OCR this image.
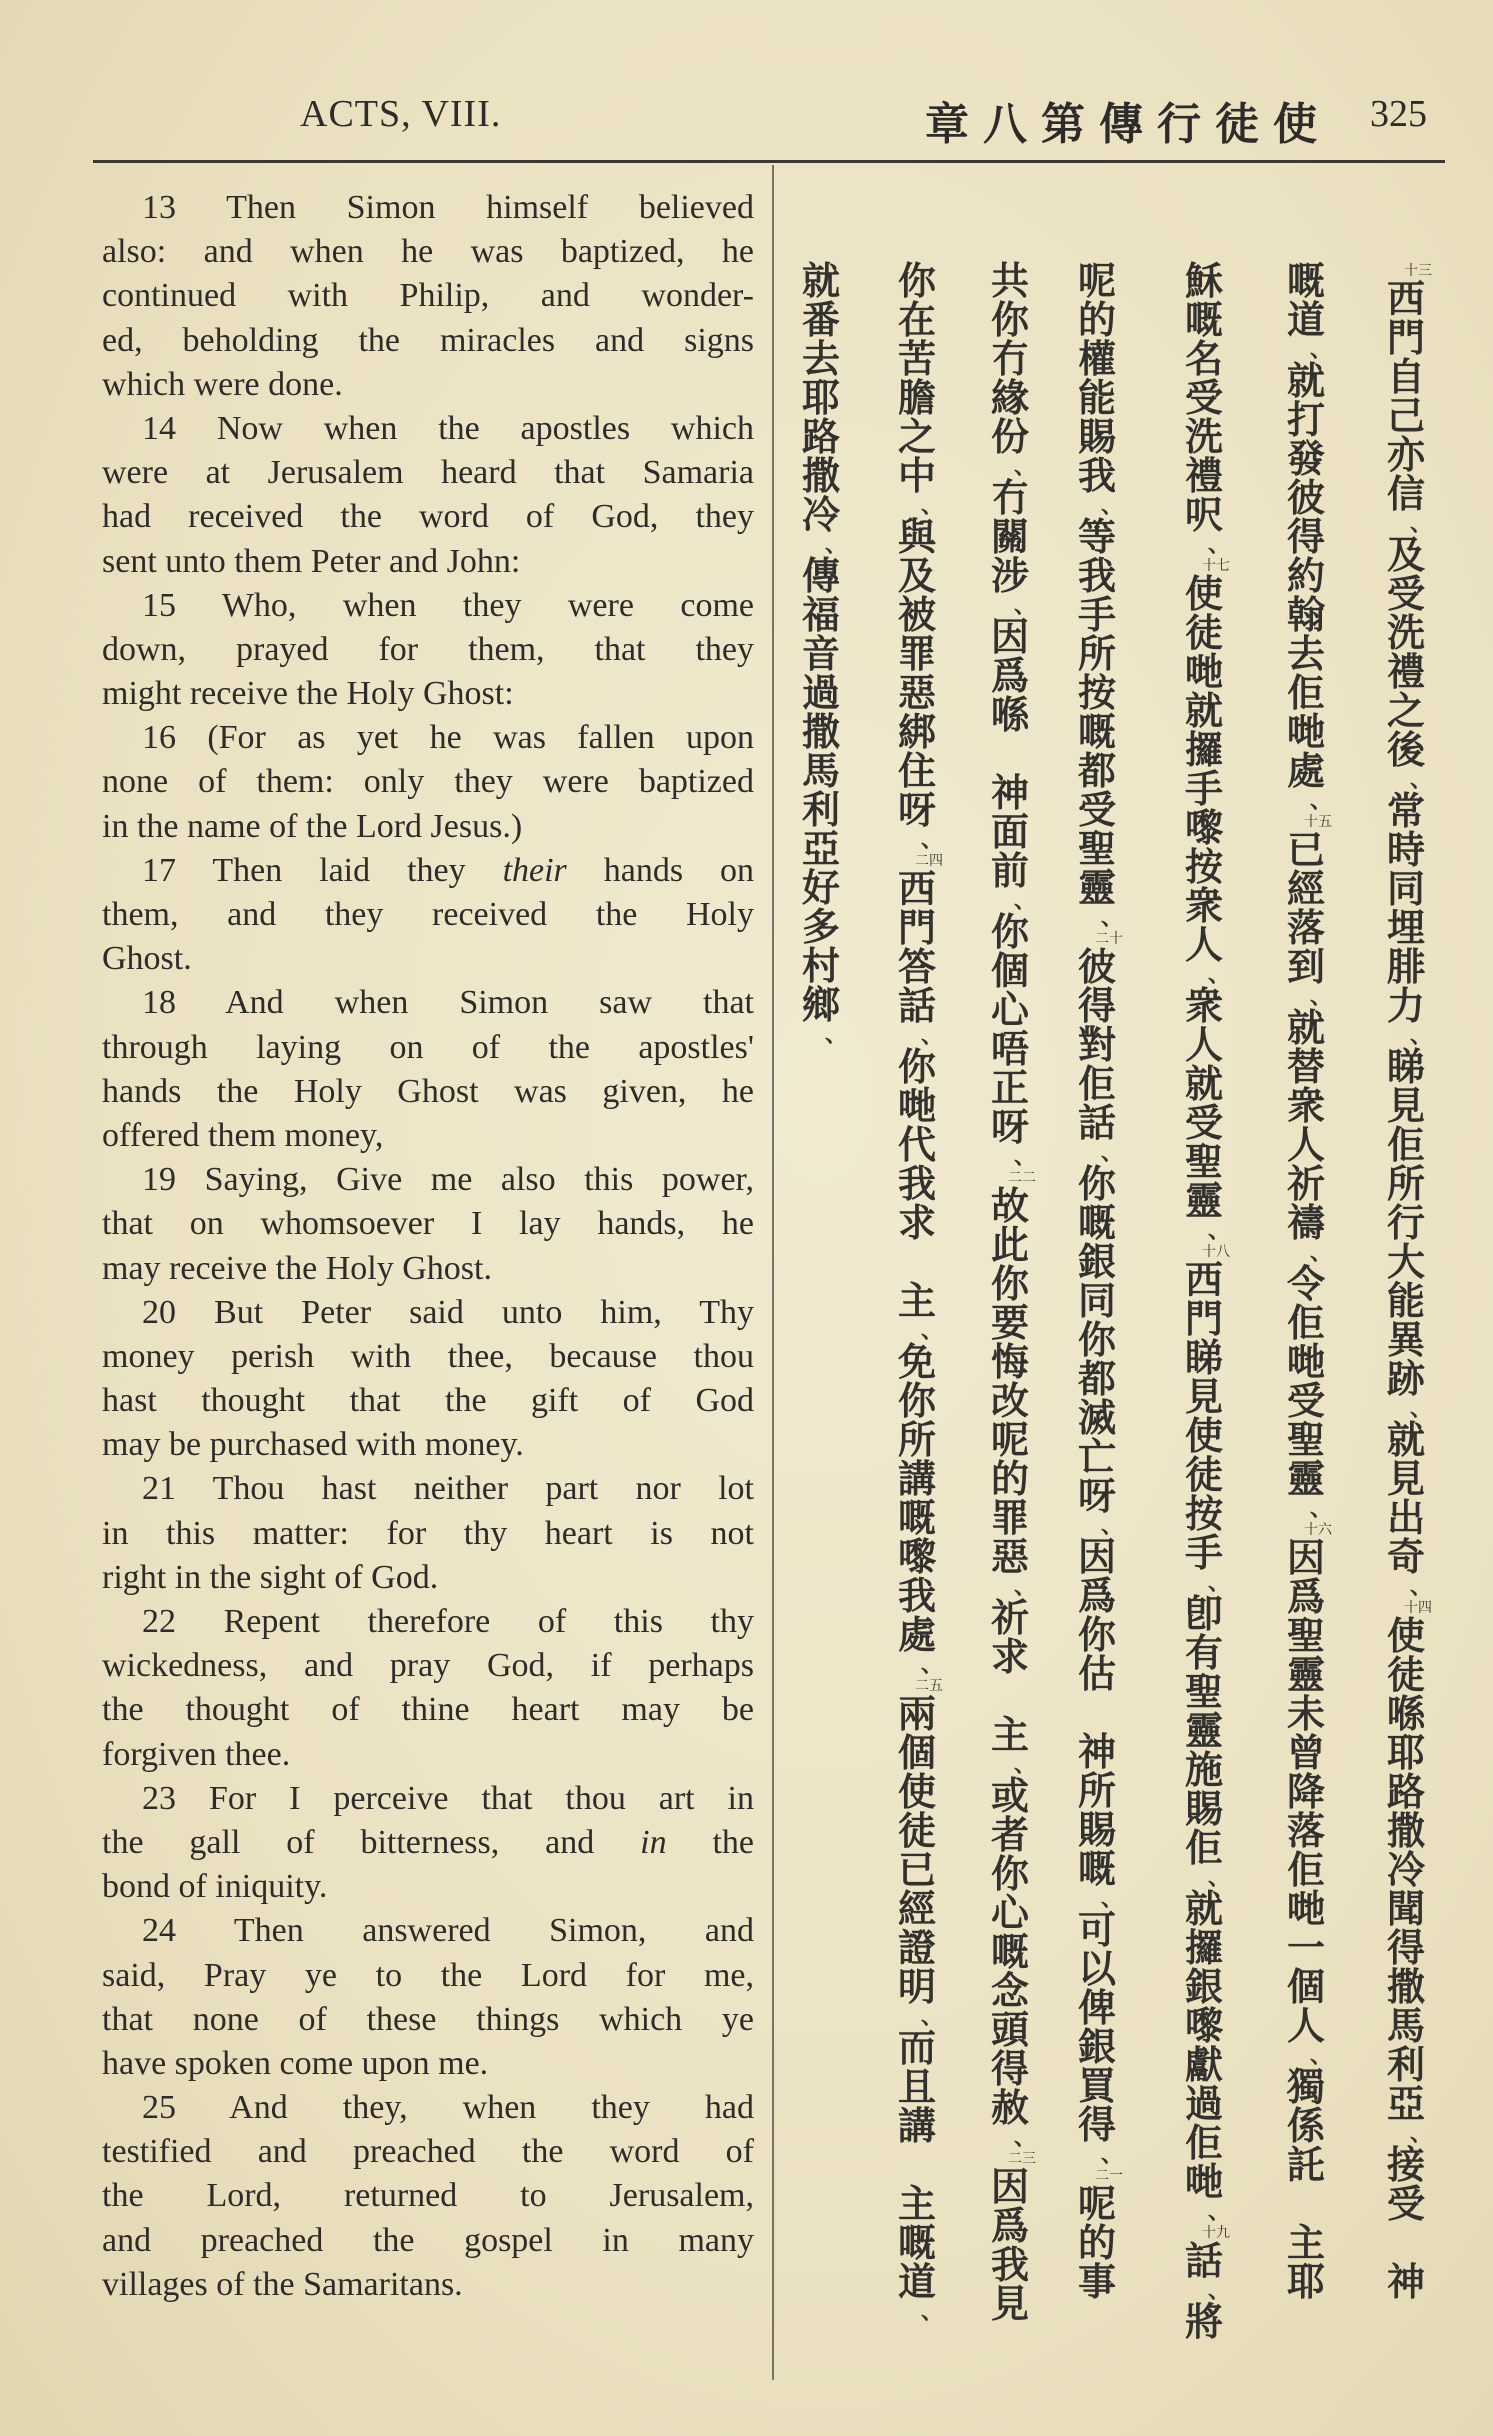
ACTS, VIII.	章八第傳行徒使 325
13 Then Simon himself believed
also: and when he was baptized, he
continued with Philip, and wonder-
ed, beholding the miracles and signs
which were done.
14 Now when the apostles which
were at Jerusalem heard that Samaria
had received the word of God, they
sent unto them Peter and John:
15 Who, when they were come
down, prayed for them, that they
might receive the Holy Ghost:
16 (For as yet he was fallen upon
none of them: only they were baptized
in the name of the Lord Jesus.)
17 Then laid they their hands on
them, and they received the Holy
Ghost.
18 And when Simon saw that
through laying on of the apostles'
hands the Holy Ghost was given, he
offered them money,
19 Saying, Give me also this power,
that on whomsoever I lay hands, he
may receive the Holy Ghost.
20 But Peter said unto him, Thy
money perish with thee, because thou
hast thought that the gift of God
may be purchased with money.
21 Thou hast neither part nor lot
in this matter: for thy heart is not
right in the sight of God.
22 Repent therefore of this thy
wickedness, and pray God, if perhaps
the thought of thine heart may be
forgiven thee.
23 For I perceive that thou art in
the gall of bitterness, and in the
bond of iniquity.
24 Then answered Simon, and
said, Pray ye to the Lord for me,
that none of these things which ye
have spoken come upon me.
25 And they, when they had
testified and preached the word of
the Lord, returned to Jerusalem,
and preached the gospel in many
villages of the Samaritans.
十三
西
門
自
己
亦
信
、
及
受
洗
禮
之
後
、
常
時
同
埋
腓
力
、
睇
見
佢
所
行
大
能
異
跡
、
就
見
出
奇
、
十四
使
徒
喺
耶
路
撒
冷
聞
得
撒
馬
利
亞
、
接
受

神
嘅
道
、
就
打
發
彼
得
約
翰
去
佢
哋
處
、
十五
已
經
落
到
、
就
替
衆
人
祈
禱
、
令
佢
哋
受
聖
靈
、
十六
因
爲
聖
靈
未
曾
降
落
佢
哋
一
個
人
、
獨
係
託

主
耶
穌
嘅
名
受
洗
禮
呎
、
十七
使
徒
哋
就
攞
手
嚟
按
衆
人
、
衆
人
就
受
聖
靈
、
十八
西
門
睇
見
使
徒
按
手
、
卽
有
聖
靈
施
賜
佢
、
就
攞
銀
嚟
獻
過
佢
哋
、
十九
話
、
將
呢
的
權
能
賜
我
、
等
我
手
所
按
嘅
都
受
聖
靈
、
二十
彼
得
對
佢
話
、
你
嘅
銀
同
你
都
滅
亡
呀
、
因
爲
你
估

神
所
賜
嘅
、
可
以
俾
銀
買
得
、
二一
呢
的
事
共
你
冇
緣
份
、
冇
關
涉
、
因
爲
喺

神
面
前
、
你
個
心
唔
正
呀
、
二二
故
此
你
要
悔
改
呢
的
罪
惡
、
祈
求

主
、
或
者
你
心
嘅
念
頭
得
赦
、
二三
因
爲
我
見
你
在
苦
膽
之
中
、
與
及
被
罪
惡
綁
住
呀
、
二四
西
門
答
話
、
你
哋
代
我
求

主
、
免
你
所
講
嘅
嚟
我
處
、
二五
兩
個
使
徒
已
經
證
明
、
而
且
講

主
嘅
道
、
就
番
去
耶
路
撒
冷
、
傳
福
音
過
撒
馬
利
亞
好
多
村
鄉
、
